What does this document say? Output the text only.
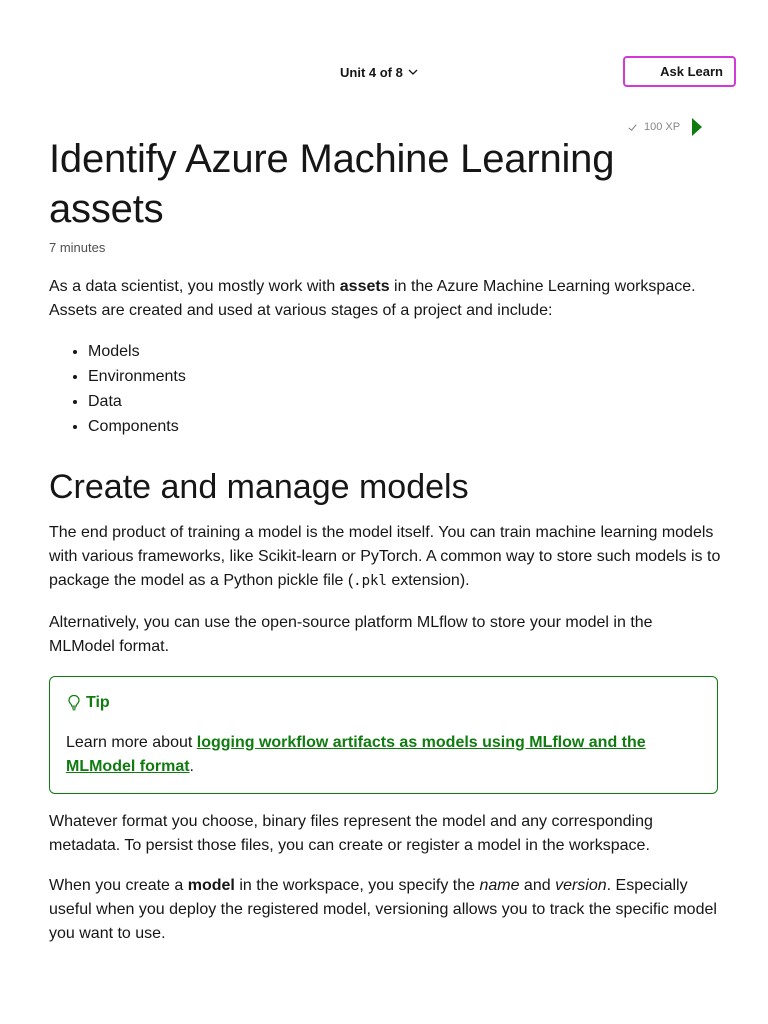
Unit 4 of 8	Ask Learn
100 XP
Identify Azure Machine Learning assets
7 minutes

As a data scientist, you mostly work with assets in the Azure Machine Learning workspace. Assets are created and used at various stages of a project and include:

• Models
• Environments
• Data
• Components
Create and manage models

The end product of training a model is the model itself. You can train machine learning models with various frameworks, like Scikit-learn or PyTorch. A common way to store such models is to package the model as a Python pickle file (.pkl extension).

Alternatively, you can use the open-source platform MLflow to store your model in the MLModel format.

Tip

Learn more about logging workflow artifacts as models using MLflow and the MLModel format.

Whatever format you choose, binary files represent the model and any corresponding metadata. To persist those files, you can create or register a model in the workspace.

When you create a model in the workspace, you specify the name and version. Especially useful when you deploy the registered model, versioning allows you to track the specific model you want to use.
